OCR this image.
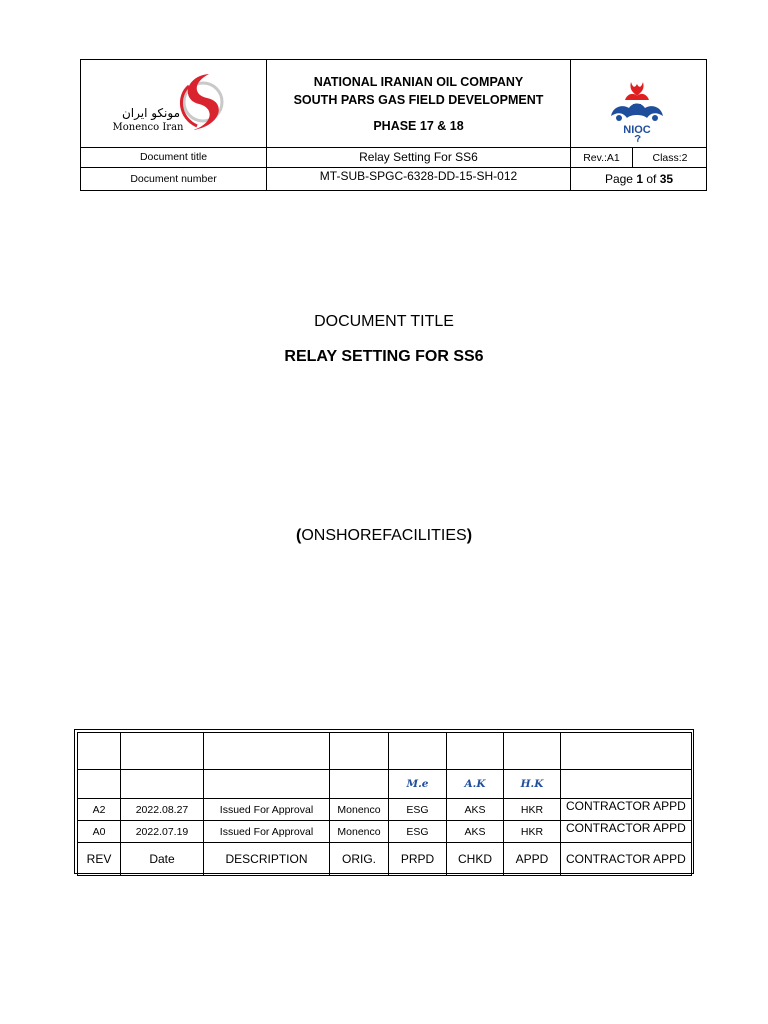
مونکو ایران
Monenco Iran
NATIONAL IRANIAN OIL COMPANY
SOUTH PARS GAS FIELD DEVELOPMENT
PHASE 17 & 18	NIOC
Document title	Relay Setting For SS6	Rev.:A1	Class:2
Document number	MT-SUB-SPGC-6328-DD-15-SH-012	Page 1 of 35
DOCUMENT TITLE
RELAY SETTING FOR SS6
(ONSHOREFACILITIES)

				M.e	A.K	H.K	
A2	2022.08.27	Issued For Approval	Monenco	ESG	AKS	HKR	CONTRACTOR APPD
A0	2022.07.19	Issued For Approval	Monenco	ESG	AKS	HKR	CONTRACTOR APPD
REV	Date	DESCRIPTION	ORIG.	PRPD	CHKD	APPD	CONTRACTOR APPD
